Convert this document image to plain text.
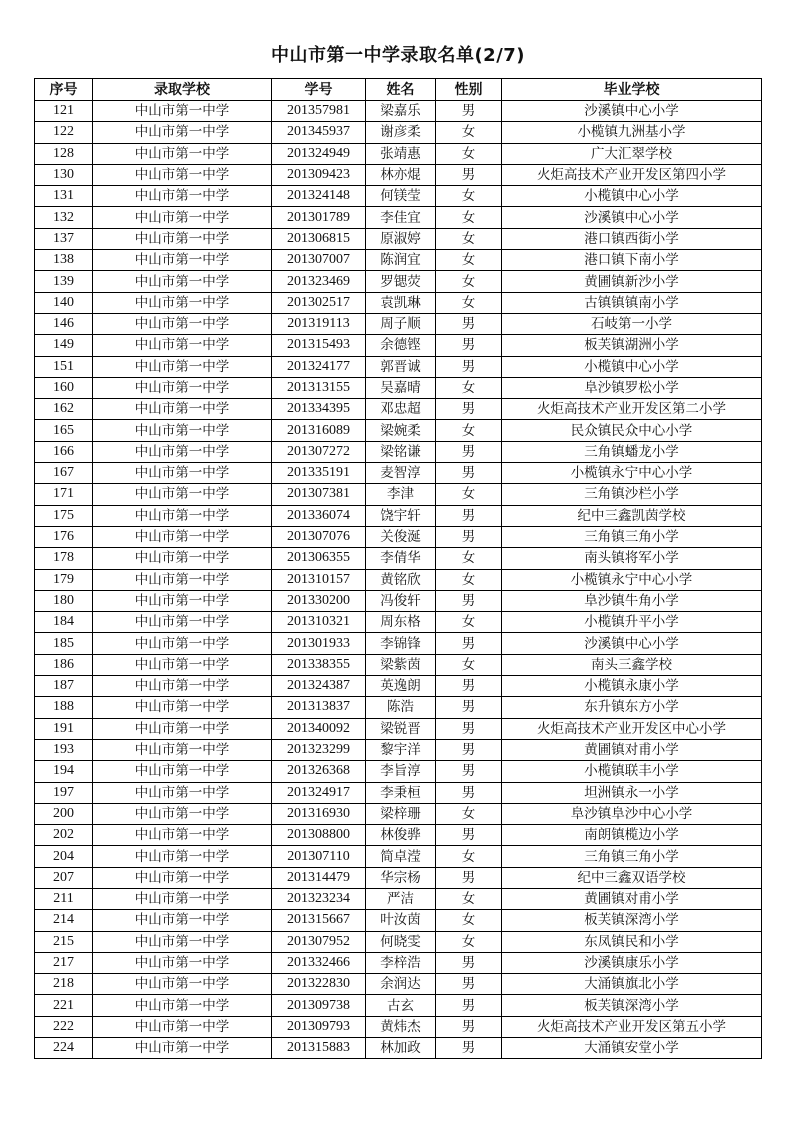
中山市第一中学录取名单(2/7)
序号	录取学校	学号	姓名	性别	毕业学校
121	中山市第一中学	201357981	梁嘉乐	男	沙溪镇中心小学
122	中山市第一中学	201345937	谢彦柔	女	小榄镇九洲基小学
128	中山市第一中学	201324949	张靖惠	女	广大汇翠学校
130	中山市第一中学	201309423	林亦焜	男	火炬高技术产业开发区第四小学
131	中山市第一中学	201324148	何镁莹	女	小榄镇中心小学
132	中山市第一中学	201301789	李佳宜	女	沙溪镇中心小学
137	中山市第一中学	201306815	原淑婷	女	港口镇西街小学
138	中山市第一中学	201307007	陈润宜	女	港口镇下南小学
139	中山市第一中学	201323469	罗锶荧	女	黄圃镇新沙小学
140	中山市第一中学	201302517	袁凯琳	女	古镇镇镇南小学
146	中山市第一中学	201319113	周子顺	男	石岐第一小学
149	中山市第一中学	201315493	余德铿	男	板芙镇湖洲小学
151	中山市第一中学	201324177	郭晋诚	男	小榄镇中心小学
160	中山市第一中学	201313155	吴嘉晴	女	阜沙镇罗松小学
162	中山市第一中学	201334395	邓忠超	男	火炬高技术产业开发区第二小学
165	中山市第一中学	201316089	梁婉柔	女	民众镇民众中心小学
166	中山市第一中学	201307272	梁铭谦	男	三角镇蟠龙小学
167	中山市第一中学	201335191	麦智淳	男	小榄镇永宁中心小学
171	中山市第一中学	201307381	李津	女	三角镇沙栏小学
175	中山市第一中学	201336074	饶宇轩	男	纪中三鑫凯茵学校
176	中山市第一中学	201307076	关俊涎	男	三角镇三角小学
178	中山市第一中学	201306355	李倩华	女	南头镇将军小学
179	中山市第一中学	201310157	黄铭欣	女	小榄镇永宁中心小学
180	中山市第一中学	201330200	冯俊轩	男	阜沙镇牛角小学
184	中山市第一中学	201310321	周东格	女	小榄镇升平小学
185	中山市第一中学	201301933	李锦锋	男	沙溪镇中心小学
186	中山市第一中学	201338355	梁紫茵	女	南头三鑫学校
187	中山市第一中学	201324387	英逸朗	男	小榄镇永康小学
188	中山市第一中学	201313837	陈浩	男	东升镇东方小学
191	中山市第一中学	201340092	梁锐晋	男	火炬高技术产业开发区中心小学
193	中山市第一中学	201323299	黎宇洋	男	黄圃镇对甫小学
194	中山市第一中学	201326368	李旨淳	男	小榄镇联丰小学
197	中山市第一中学	201324917	李秉桓	男	坦洲镇永一小学
200	中山市第一中学	201316930	梁梓珊	女	阜沙镇阜沙中心小学
202	中山市第一中学	201308800	林俊骅	男	南朗镇榄边小学
204	中山市第一中学	201307110	简卓滢	女	三角镇三角小学
207	中山市第一中学	201314479	华宗杨	男	纪中三鑫双语学校
211	中山市第一中学	201323234	严洁	女	黄圃镇对甫小学
214	中山市第一中学	201315667	叶汝茵	女	板芙镇深湾小学
215	中山市第一中学	201307952	何晓雯	女	东凤镇民和小学
217	中山市第一中学	201332466	李梓浩	男	沙溪镇康乐小学
218	中山市第一中学	201322830	余润达	男	大涌镇旗北小学
221	中山市第一中学	201309738	古玄	男	板芙镇深湾小学
222	中山市第一中学	201309793	黄炜杰	男	火炬高技术产业开发区第五小学
224	中山市第一中学	201315883	林加政	男	大涌镇安堂小学
